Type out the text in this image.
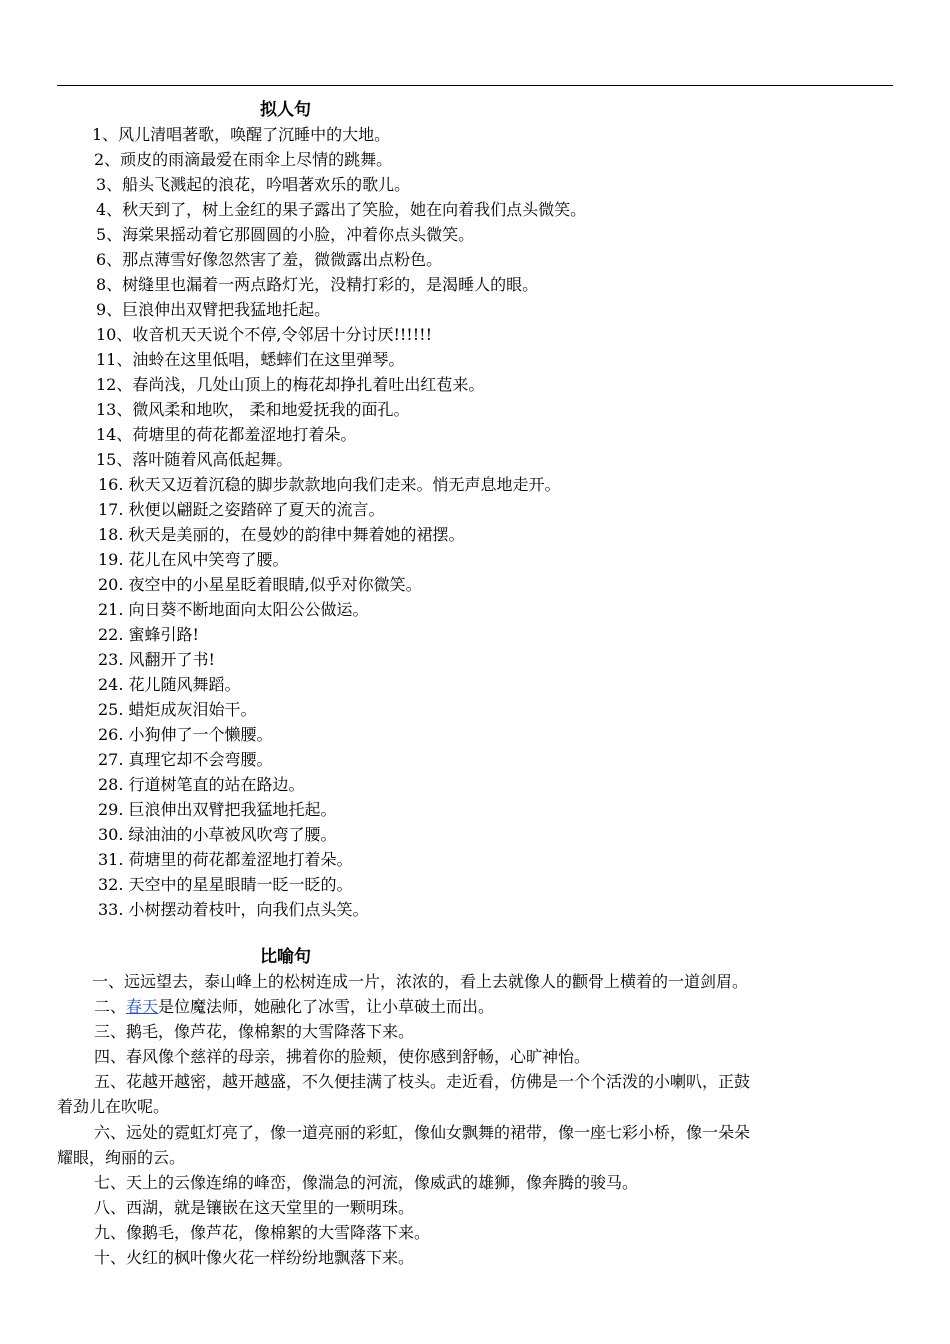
拟人句
1、风儿清唱著歌，唤醒了沉睡中的大地。
2、顽皮的雨滴最爱在雨伞上尽情的跳舞。
3、船头飞溅起的浪花，吟唱著欢乐的歌儿。
4、秋天到了，树上金红的果子露出了笑脸，她在向着我们点头微笑。
5、海棠果摇动着它那圆圆的小脸，冲着你点头微笑。
6、那点薄雪好像忽然害了羞，微微露出点粉色。
8、树缝里也漏着一两点路灯光，没精打彩的，是渴睡人的眼。
9、巨浪伸出双臂把我猛地托起。
10、收音机天天说个不停,令邻居十分讨厌!!!!!!
11、油蛉在这里低唱，蟋蟀们在这里弹琴。
12、春尚浅，几处山顶上的梅花却挣扎着吐出红苞来。
13、微风柔和地吹， 柔和地爱抚我的面孔。
14、荷塘里的荷花都羞涩地打着朵。
15、落叶随着风高低起舞。
16. 秋天又迈着沉稳的脚步款款地向我们走来。悄无声息地走开。
17. 秋便以翩跹之姿踏碎了夏天的流言。
18. 秋天是美丽的，在曼妙的韵律中舞着她的裙摆。
19. 花儿在风中笑弯了腰。
20. 夜空中的小星星眨着眼睛,似乎对你微笑。
21. 向日葵不断地面向太阳公公做运。
22. 蜜蜂引路!
23. 风翻开了书!
24. 花儿随风舞蹈。
25. 蜡炬成灰泪始干。
26. 小狗伸了一个懒腰。
27. 真理它却不会弯腰。
28. 行道树笔直的站在路边。
29. 巨浪伸出双臂把我猛地托起。
30. 绿油油的小草被风吹弯了腰。
31. 荷塘里的荷花都羞涩地打着朵。
32. 天空中的星星眼睛一眨一眨的。
33. 小树摆动着枝叶，向我们点头笑。
比喻句
一、远远望去，泰山峰上的松树连成一片，浓浓的，看上去就像人的颧骨上横着的一道剑眉。
二、春天是位魔法师，她融化了冰雪，让小草破土而出。
三、鹅毛，像芦花，像棉絮的大雪降落下来。
四、春风像个慈祥的母亲，拂着你的脸颊，使你感到舒畅，心旷神怡。
五、花越开越密，越开越盛，不久便挂满了枝头。走近看，仿佛是一个个活泼的小喇叭，正鼓
着劲儿在吹呢。
六、远处的霓虹灯亮了，像一道亮丽的彩虹，像仙女飘舞的裙带，像一座七彩小桥，像一朵朵
耀眼，绚丽的云。
七、天上的云像连绵的峰峦，像湍急的河流，像威武的雄狮，像奔腾的骏马。
八、西湖，就是镶嵌在这天堂里的一颗明珠。
九、像鹅毛，像芦花，像棉絮的大雪降落下来。
十、火红的枫叶像火花一样纷纷地飘落下来。
